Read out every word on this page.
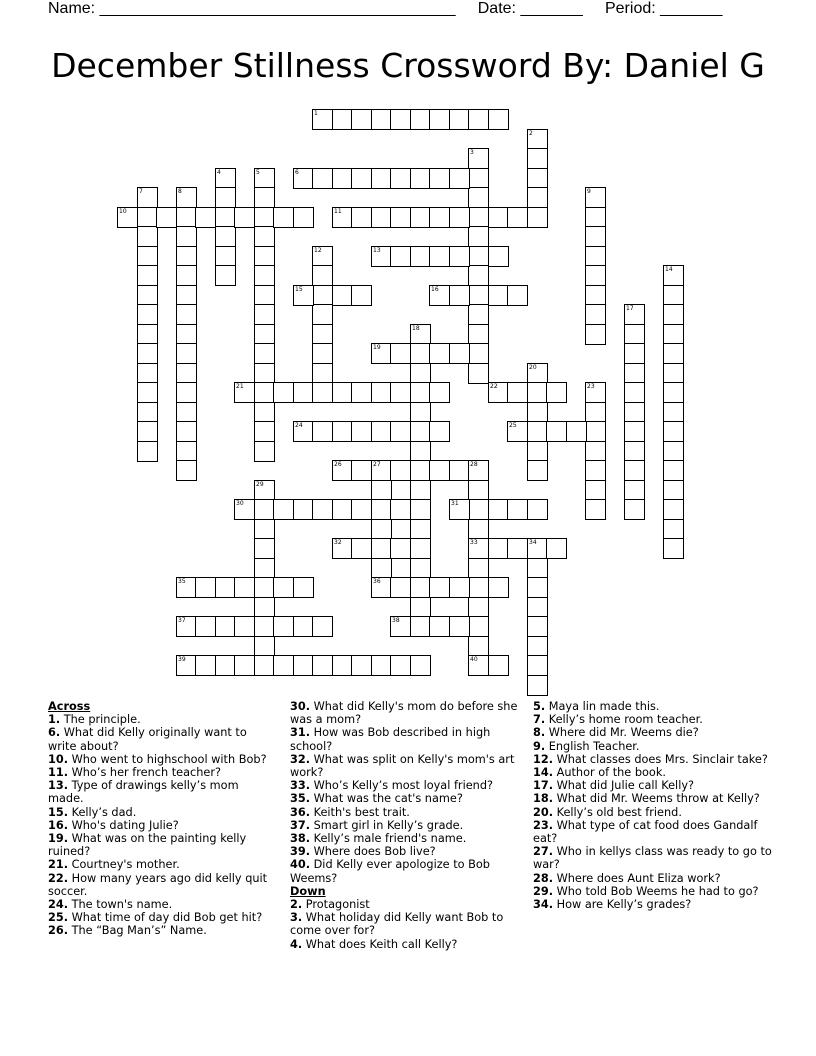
Name: ________________________________________ Date: _______ Period: _______
December Stillness Crossword By: Daniel G
1
2
3
4	5	6
7	8	9
10	11
12	13
14
15	16
17
18
19
20
21	22	23
24	25
26	27	28
36
33
40
29
30	31
32	34
35
37	38
39
Across
1. The principle.
6. What did Kelly originally want to write about?
10. Who went to highschool with Bob?
11. Who’s her french teacher?
13. Type of drawings kelly’s mom made.
15. Kelly’s dad.
16. Who's dating Julie?
19. What was on the painting kelly ruined?
21. Courtney's mother.
22. How many years ago did kelly quit soccer.
24. The town's name.
25. What time of day did Bob get hit?
26. The “Bag Man’s” Name.
30. What did Kelly's mom do before she was a mom?
31. How was Bob described in high school?
32. What was split on Kelly's mom's art work?
33. Who’s Kelly’s most loyal friend?
35. What was the cat's name?
36. Keith's best trait.
37. Smart girl in Kelly’s grade.
38. Kelly’s male friend's name.
39. Where does Bob live?
40. Did Kelly ever apologize to Bob Weems?
Down
2. Protagonist
3. What holiday did Kelly want Bob to come over for?
4. What does Keith call Kelly?
5. Maya lin made this.
7. Kelly’s home room teacher.
8. Where did Mr. Weems die?
9. English Teacher.
12. What classes does Mrs. Sinclair take?
14. Author of the book.
17. What did Julie call Kelly?
18. What did Mr. Weems throw at Kelly?
20. Kelly’s old best friend.
23. What type of cat food does Gandalf eat?
27. Who in kellys class was ready to go to war?
28. Where does Aunt Eliza work?
29. Who told Bob Weems he had to go?
34. How are Kelly’s grades?
